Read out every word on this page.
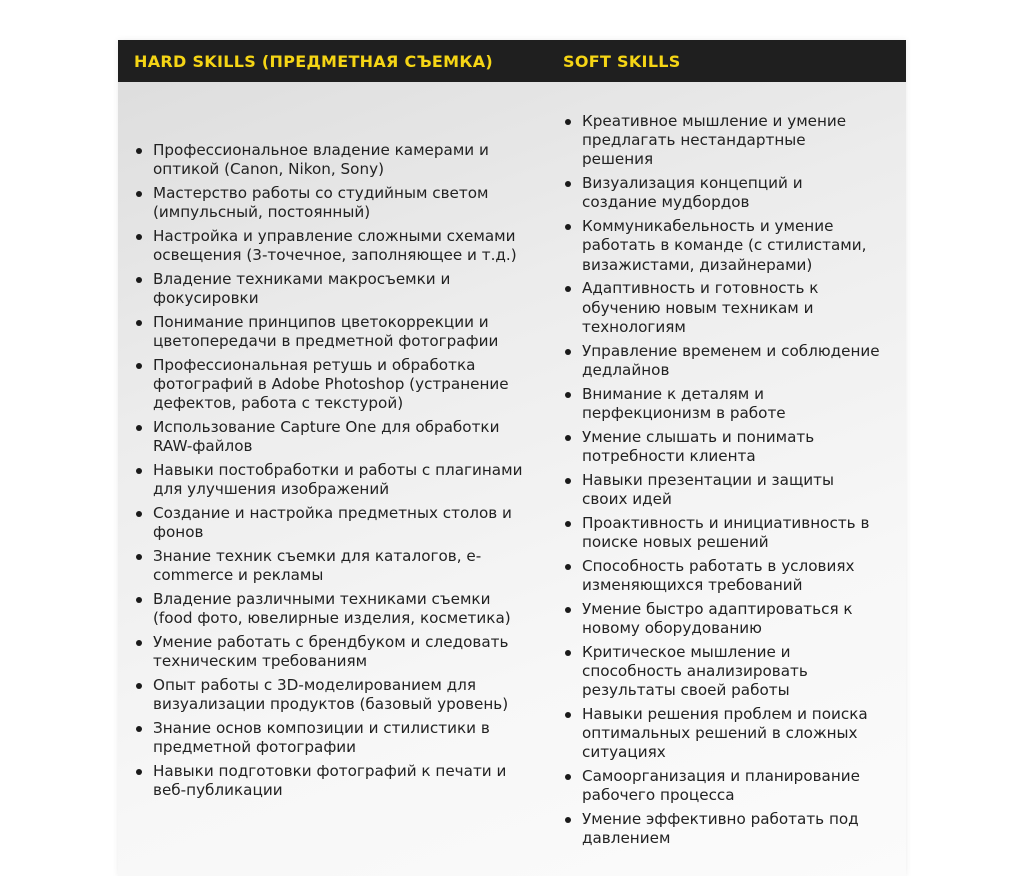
HARD SKILLS (ПРЕДМЕТНАЯ СЪЕМКА)	SOFT SKILLS
Профессиональное владение камерами и оптикой (Canon, Nikon, Sony)
Мастерство работы со студийным светом (импульсный, постоянный)
Настройка и управление сложными схемами освещения (3-точечное, заполняющее и т.д.)
Владение техниками макросъемки и фокусировки
Понимание принципов цветокоррекции и цветопередачи в предметной фотографии
Профессиональная ретушь и обработка фотографий в Adobe Photoshop (устранение дефектов, работа с текстурой)
Использование Capture One для обработки RAW-файлов
Навыки постобработки и работы с плагинами для улучшения изображений
Создание и настройка предметных столов и фонов
Знание техник съемки для каталогов, e-commerce и рекламы
Владение различными техниками съемки (food фото, ювелирные изделия, косметика)
Умение работать с брендбуком и следовать техническим требованиям
Опыт работы с 3D-моделированием для визуализации продуктов (базовый уровень)
Знание основ композиции и стилистики в предметной фотографии
Навыки подготовки фотографий к печати и веб-публикации
Креативное мышление и умение предлагать нестандартные решения
Визуализация концепций и создание мудбордов
Коммуникабельность и умение работать в команде (с стилистами, визажистами, дизайнерами)
Адаптивность и готовность к обучению новым техникам и технологиям
Управление временем и соблюдение дедлайнов
Внимание к деталям и перфекционизм в работе
Умение слышать и понимать потребности клиента
Навыки презентации и защиты своих идей
Проактивность и инициативность в поиске новых решений
Способность работать в условиях изменяющихся требований
Умение быстро адаптироваться к новому оборудованию
Критическое мышление и способность анализировать результаты своей работы
Навыки решения проблем и поиска оптимальных решений в сложных ситуациях
Самоорганизация и планирование рабочего процесса
Умение эффективно работать под давлением
